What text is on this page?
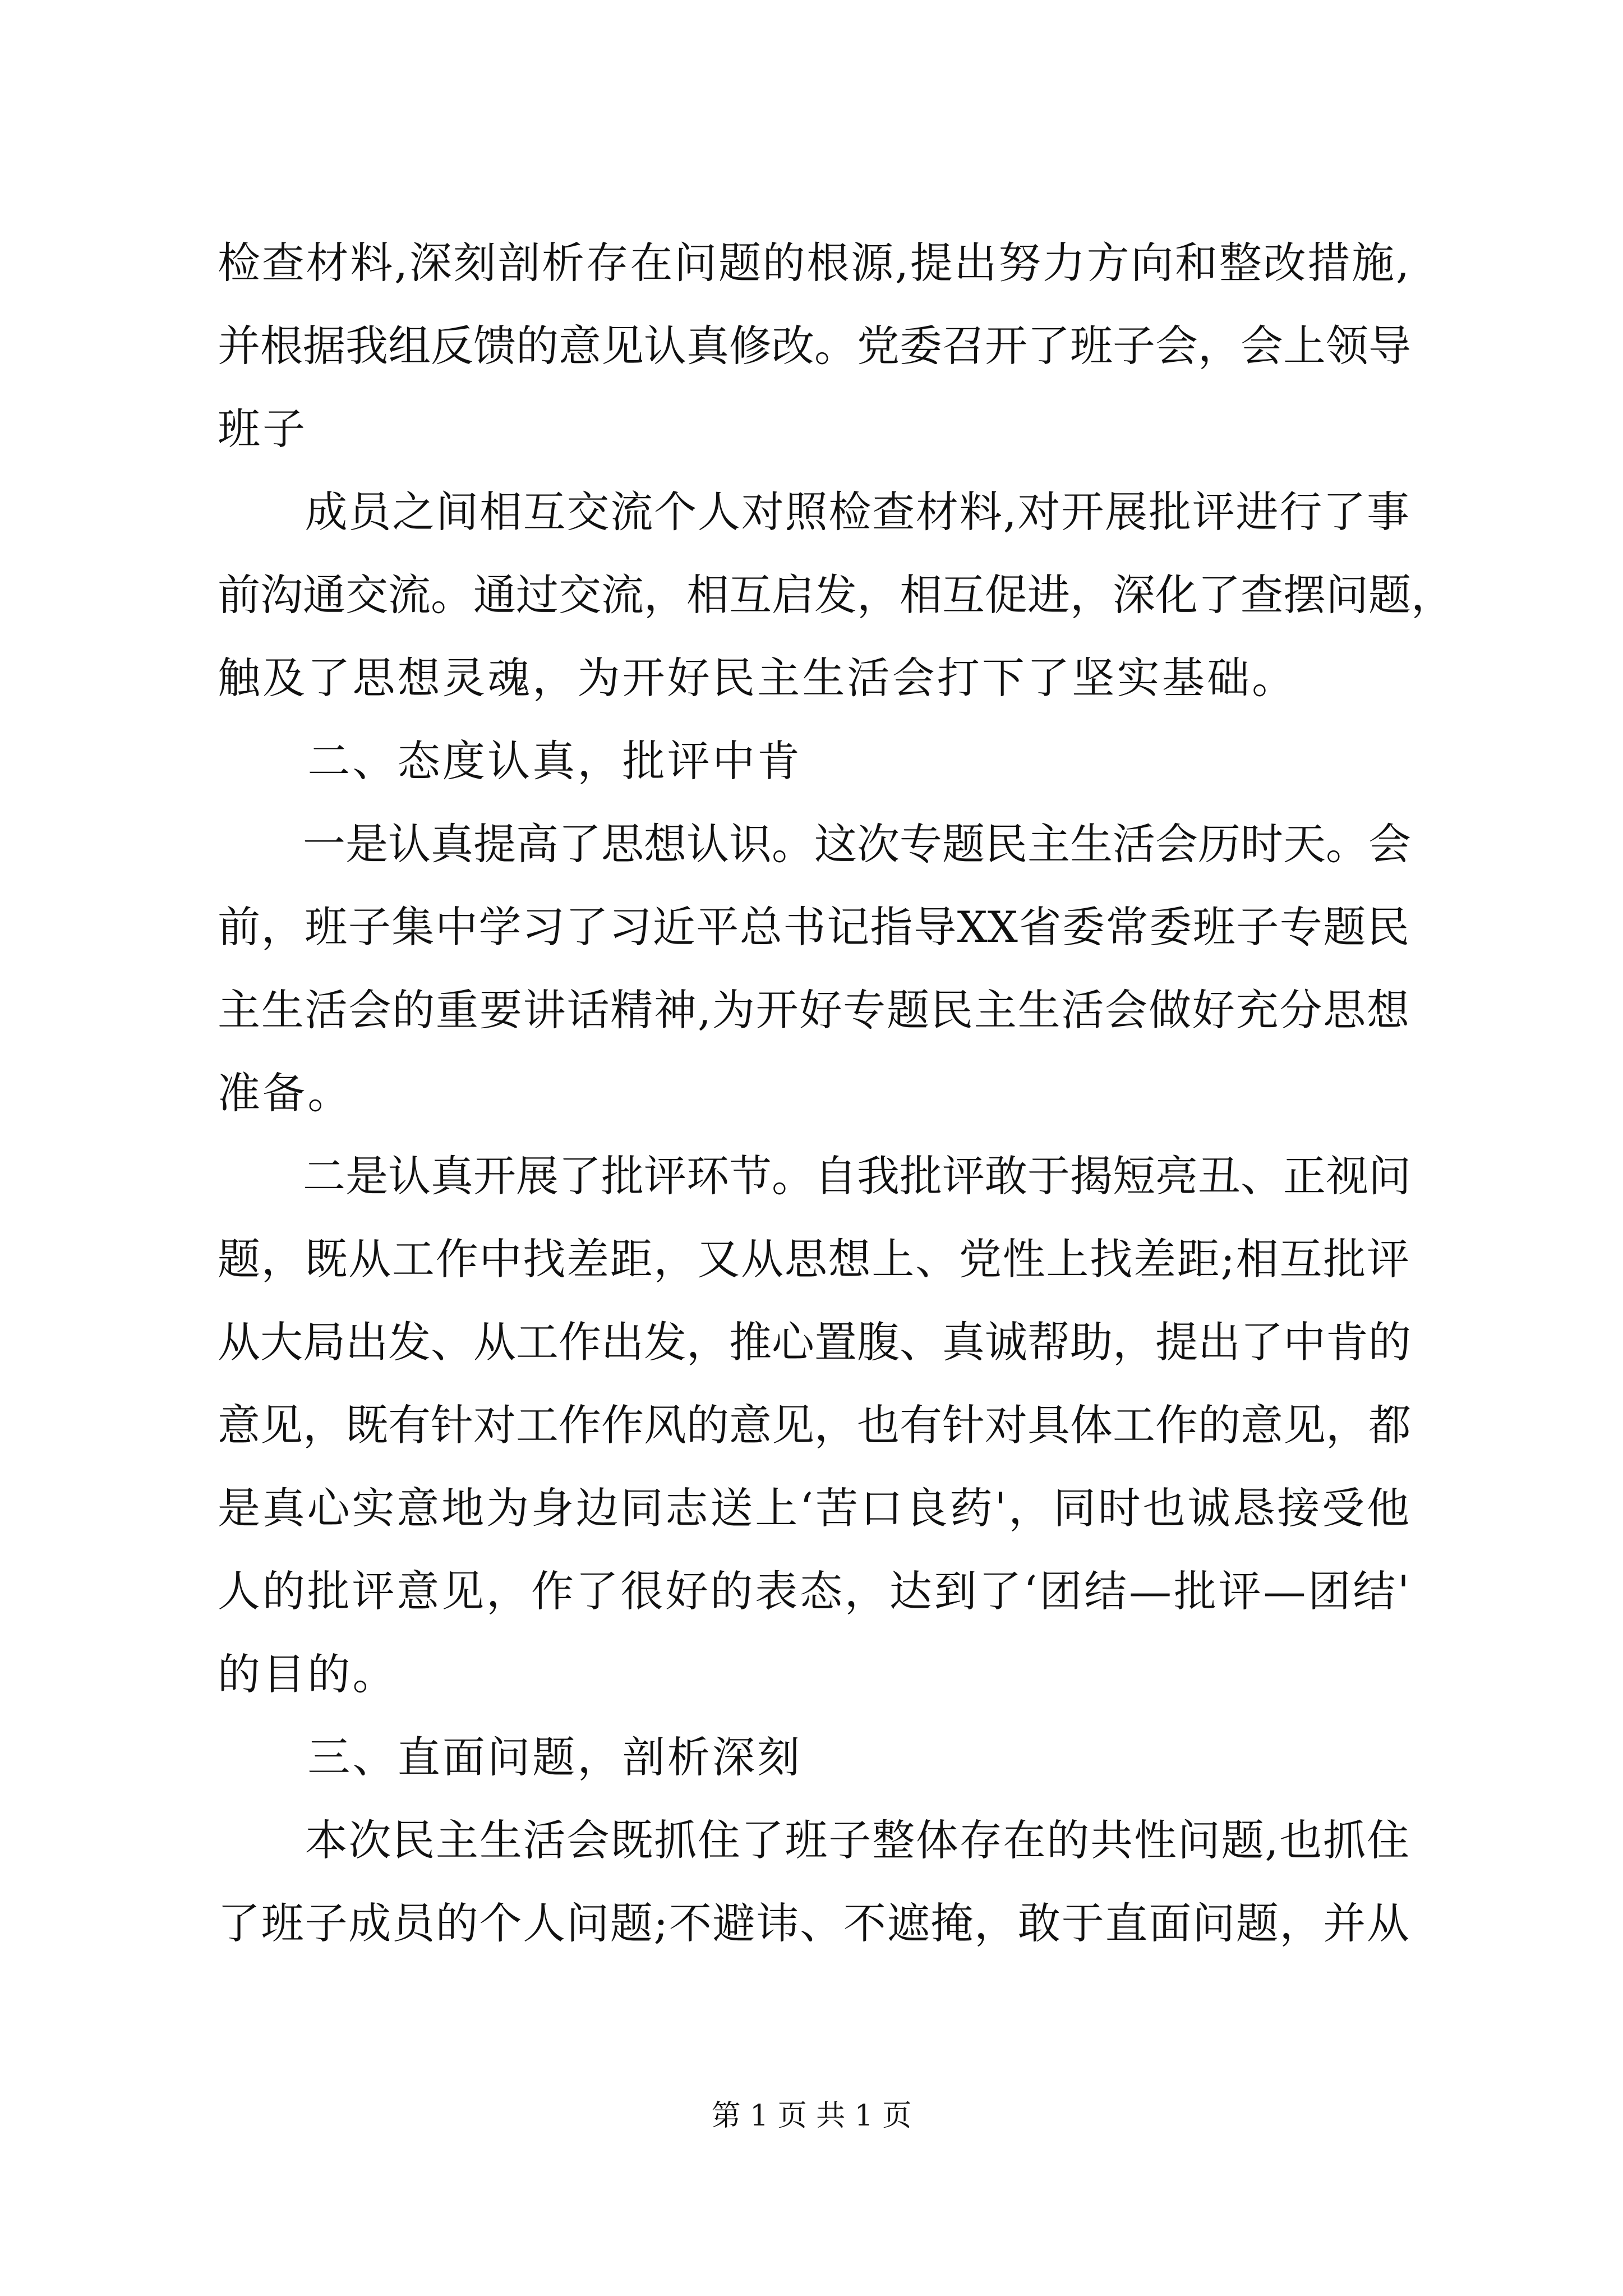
检查材料,深刻剖析存在问题的根源,提出努力方向和整改措施,
并根据我组反馈的意见认真修改。党委召开了班子会，会上领导
班子
　　成员之间相互交流个人对照检查材料,对开展批评进行了事
前沟通交流。通过交流，相互启发，相互促进，深化了查摆问题，
触及了思想灵魂，为开好民主生活会打下了坚实基础。
　　二、态度认真，批评中肯
　　一是认真提高了思想认识。这次专题民主生活会历时天。会
前，班子集中学习了习近平总书记指导XX省委常委班子专题民
主生活会的重要讲话精神,为开好专题民主生活会做好充分思想
准备。
　　二是认真开展了批评环节。自我批评敢于揭短亮丑、正视问
题，既从工作中找差距，又从思想上、党性上找差距;相互批评
从大局出发、从工作出发，推心置腹、真诚帮助，提出了中肯的
意见，既有针对工作作风的意见，也有针对具体工作的意见，都
是真心实意地为身边同志送上‘苦口良药'，同时也诚恳接受他
人的批评意见，作了很好的表态，达到了‘团结—批评—团结'
的目的。
　　三、直面问题，剖析深刻
　　本次民主生活会既抓住了班子整体存在的共性问题,也抓住
了班子成员的个人问题;不避讳、不遮掩，敢于直面问题，并从
第 1 页 共 1 页
